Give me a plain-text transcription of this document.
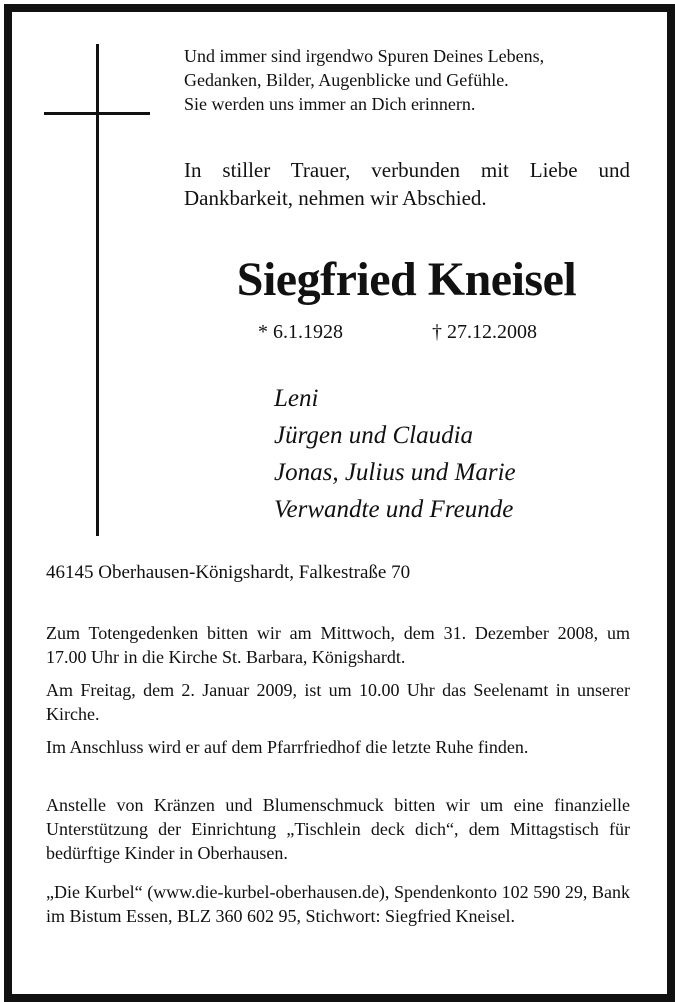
Und immer sind irgendwo Spuren Deines Lebens,
Gedanken, Bilder, Augenblicke und Gefühle.
Sie werden uns immer an Dich erinnern.
In stiller Trauer, verbunden mit Liebe und Dankbarkeit, nehmen wir Abschied.
Siegfried Kneisel
* 6.1.1928	† 27.12.2008
Leni
Jürgen und Claudia
Jonas, Julius und Marie
Verwandte und Freunde
46145 Oberhausen-Königshardt, Falkestraße 70
Zum Totengedenken bitten wir am Mittwoch, dem 31. Dezember 2008, um 17.00 Uhr in die Kirche St. Barbara, Königshardt.
Am Freitag, dem 2. Januar 2009, ist um 10.00 Uhr das Seelenamt in unserer Kirche.
Im Anschluss wird er auf dem Pfarrfriedhof die letzte Ruhe finden.
Anstelle von Kränzen und Blumenschmuck bitten wir um eine finanzielle Unterstützung der Einrichtung „Tischlein deck dich“, dem Mittagstisch für bedürftige Kinder in Oberhausen.
„Die Kurbel“ (www.die-kurbel-oberhausen.de), Spendenkonto 102 590 29, Bank im Bistum Essen, BLZ 360 602 95, Stichwort: Siegfried Kneisel.
